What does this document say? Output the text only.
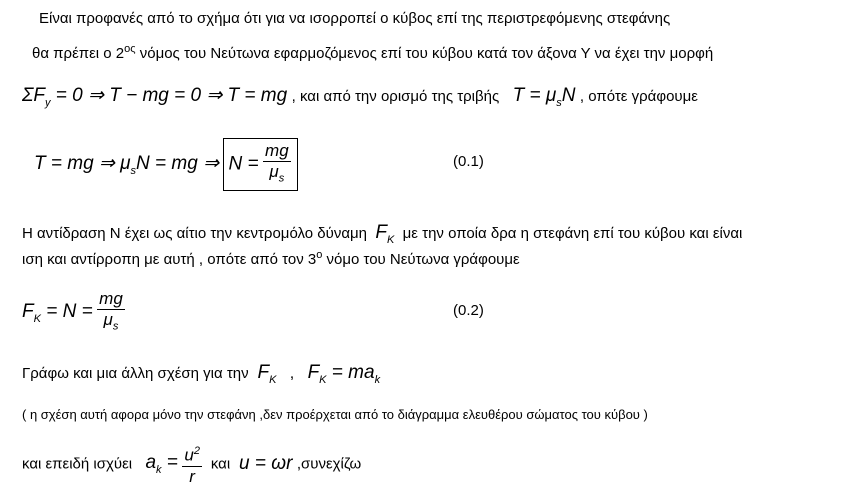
Είναι προφανές από το σχήμα ότι για να ισορροπεί ο κύβος επί της περιστρεφόμενης στεφάνης
θα πρέπει ο $2^{o\varsigma}$ νόμος του Νεύτωνα εφαρμοζόμενος επί του κύβου κατά τον άξονα Υ να έχει την μορφή
$\Sigma F_y = 0$ ⇒ T − mg = 0 ⇒ T = mg , και από την ορισμό της τριβής $T = \mu_sN$ , οπότε γράφουμε
T = mg ⇒ $\mu_sN$ = mg ⇒ $N = \frac{mg}{\mu_s}$	(0.1)
Η αντίδραση Ν έχει ως αίτιο την κεντρομόλο δύναμη $F_K$ με την οποία δρα η στεφάνη επί του κύβου και είναι
ιση και αντίρροπη με αυτή , οπότε από τον $3^o$ νόμο του Νεύτωνα γράφουμε
$F_K = N = \frac{mg}{\mu_s}$	(0.2)
Γράφω και μια άλλη σχέση για την $F_K$   ,   $F_K = ma_k$
( η σχέση αυτή αφορα μόνο την στεφάνη ,δεν προέρχεται από το διάγραμμα ελευθέρου σώματος του κύβου )
και επειδή ισχύει $a_k = \frac{u^2}{r}$ και u = ωr ,συνεχίζω
